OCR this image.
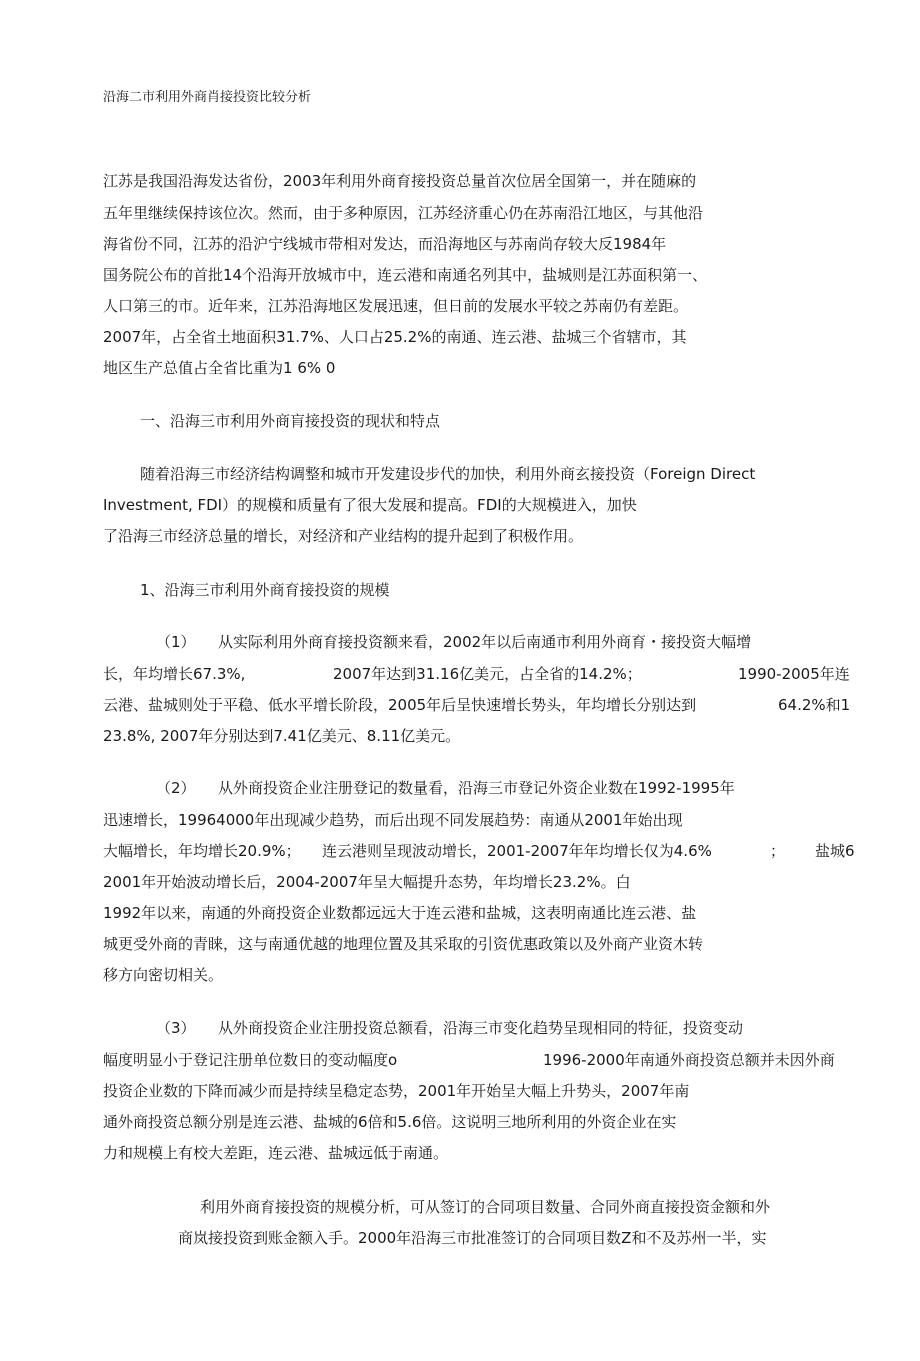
沿海二市利用外商肖接投资比较分析
江苏是我国沿海发达省份，2003年利用外商育接投资总量首次位居全国第一，并在随麻的
五年里继续保持该位次。然而，由于多种原因，江苏经济重心仍在苏南沿江地区，与其他沿
海省份不同，江苏的沿沪宁线城市带相对发达，而沿海地区与苏南尚存较大反1984年
国务院公布的首批14个沿海开放城市中，连云港和南通名列其中，盐城则是江苏面积第一、
人口第三的市。近年来，江苏沿海地区发展迅速，但日前的发展水平较之苏南仍有差距。
2007年，占全省土地面积31.7%、人口占25.2%的南通、连云港、盐城三个省辖市，其
地区生产总值占全省比重为1 6% 0
一、沿海三市利用外商肓接投资的现状和特点
随着沿海三市经济结构调整和城市开发建设步代的加快，利用外商玄接投资（Foreign Direct
Investment, FDI）的规模和质量有了很大发展和提高。FDI的大规模进入，加快
了沿海三市经济总量的增长，对经济和产业结构的提升起到了积极作用。
1、沿海三市利用外商育接投资的规模
（1） 从实际利用外商育接投资额来看，2002年以后南通市利用外商育・接投资大幅增
长，年均增长67.3%,	2007年达到31.16亿美元，占全省的14.2%；	1990-2005年连
云港、盐城则处于平稳、低水平增长阶段，2005年后呈快速增长势头，年均增长分别达到	64.2%和1
23.8%, 2007年分别达到7.41亿美元、8.11亿美元。
（2） 从外商投资企业注册登记的数量看，沿海三市登记外资企业数在1992-1995年
迅速增长，19964000年出现减少趋势，而后出现不同发展趋势：南通从2001年始出现
大幅增长，年均增长20.9%； 连云港则呈现波动增长，2001-2007年年均增长仅为4.6%	； 盐城6
2001年开始波动增长后，2004-2007年呈大幅提升态势，年均增长23.2%。白
1992年以来，南通的外商投资企业数都远远大于连云港和盐城，这表明南通比连云港、盐
城更受外商的青睐，这与南通优越的地理位置及其采取的引资优惠政策以及外商产业资木转
移方向密切相关。
（3） 从外商投资企业注册投资总额看，沿海三市变化趋势呈现相同的特征，投资变动
幅度明显小于登记注册单位数日的变动幅度o	1996-2000年南通外商投资总额并未因外商
投资企业数的下降而减少而是持续呈稳定态势，2001年开始呈大幅上升势头，2007年南
通外商投资总额分别是连云港、盐城的6倍和5.6倍。这说明三地所利用的外资企业在实
力和规模上有校大差距，连云港、盐城远低于南通。
利用外商育接投资的规模分析，可从签订的合同项目数量、合同外商直接投资金额和外
商岚接投资到账金额入手。2000年沿海三市批准签订的合同项目数Z和不及苏州一半，实
